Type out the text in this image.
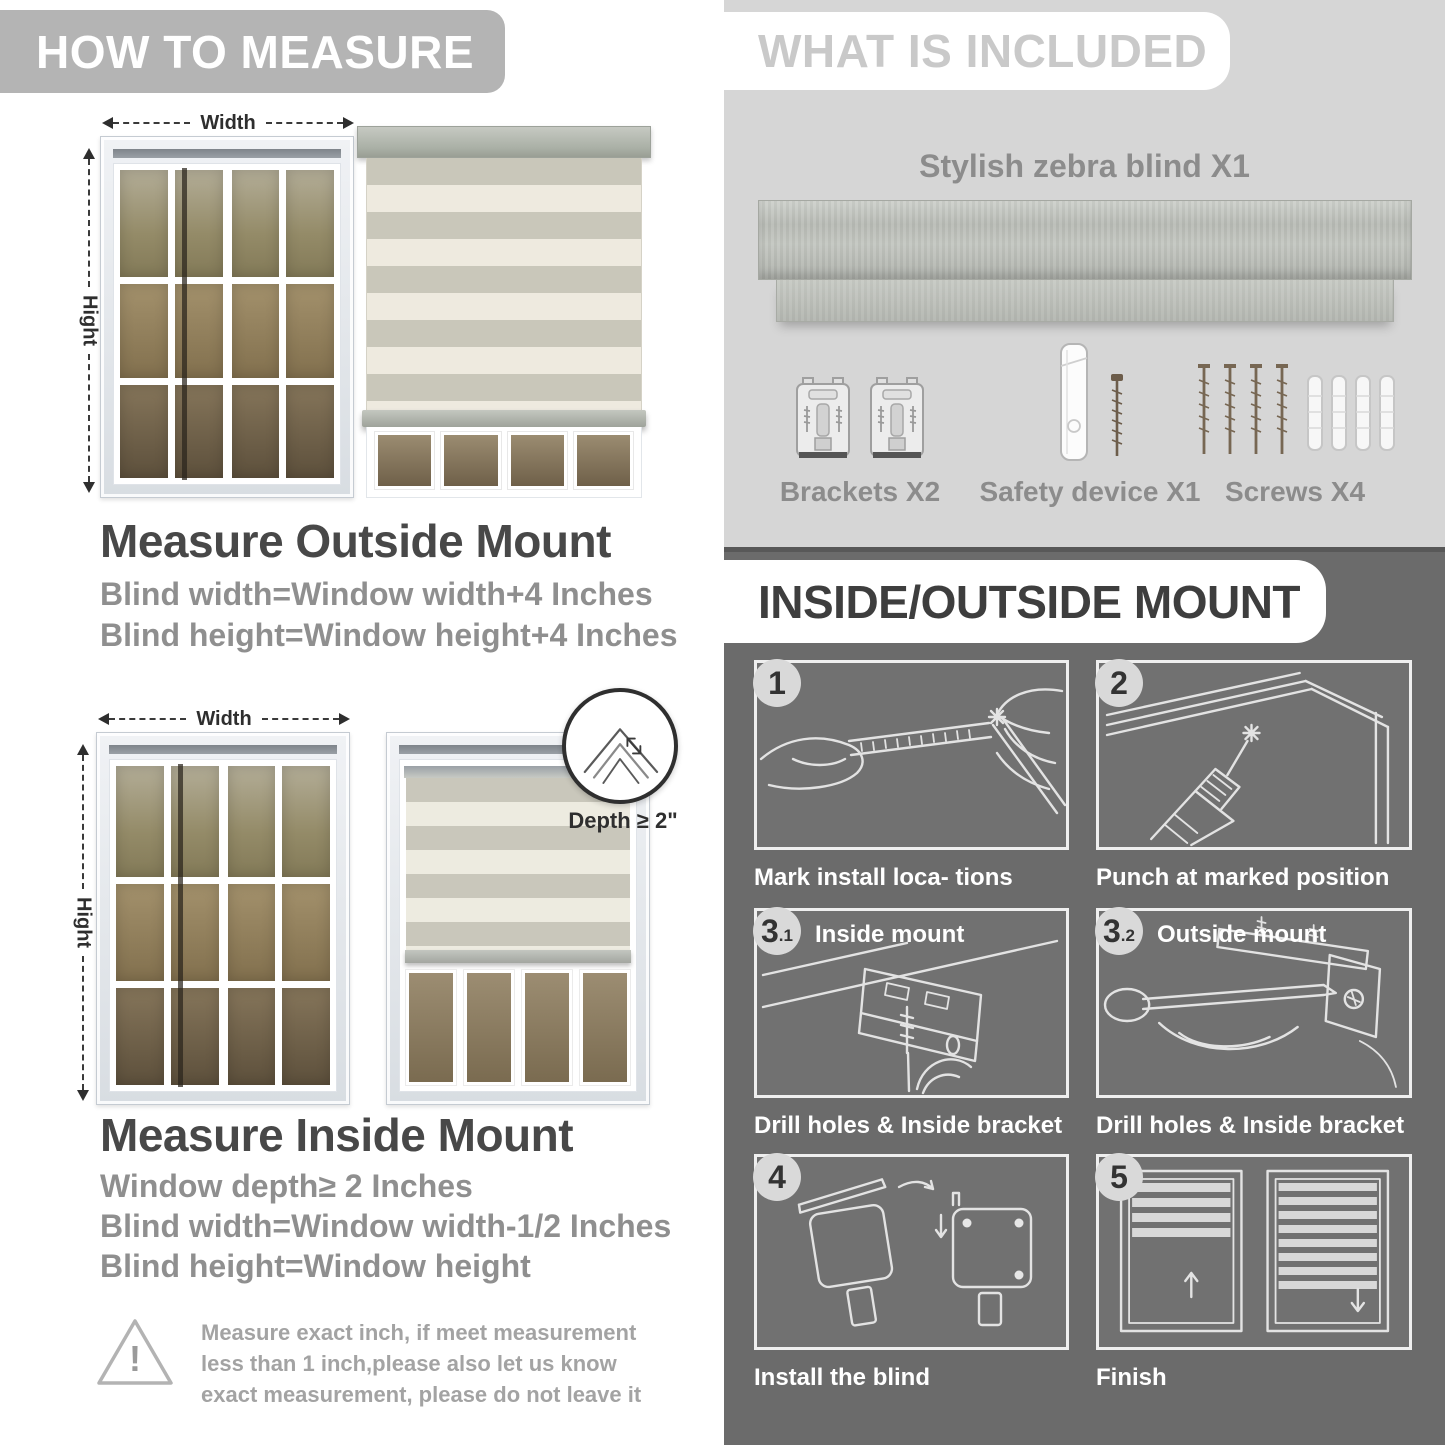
HOW TO MEASURE
Width
Hight
Measure Outside Mount
Blind width=Window width+4 Inches
Blind height=Window height+4 Inches
Width
Hight
Depth ≥ 2"
Measure Inside Mount
Window depth≥ 2 Inches
Blind width=Window width-1/2 Inches
Blind height=Window height
!

Measure exact inch, if meet measurement less than 1 inch,please also let us know exact measurement, please do not leave it

WHAT IS INCLUDED
Stylish zebra blind X1
Brackets X2 Safety device X1 Screws X4
INSIDE/OUTSIDE MOUNT
1
Mark install loca- tions
2
Punch at marked position
3 .1 Inside mount
Drill holes & Inside bracket
3 .2 Outside mount
Drill holes & Inside bracket
4
Install the blind
5
Finish
